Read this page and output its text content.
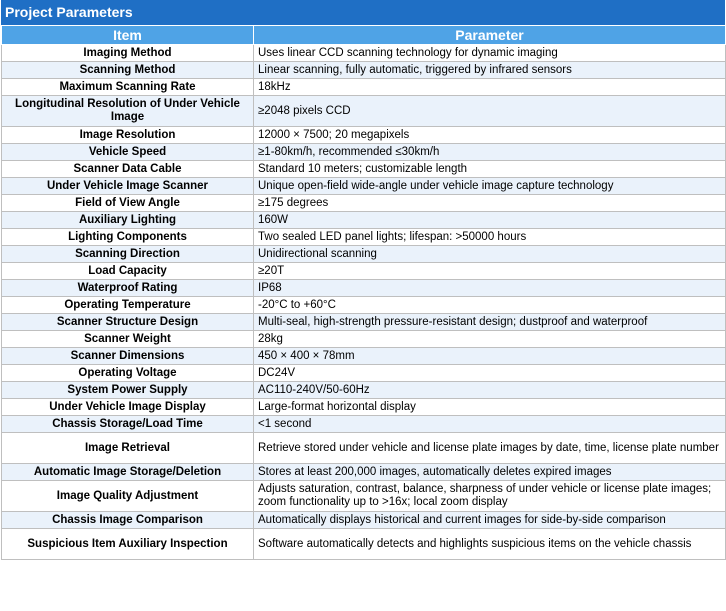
Project Parameters
Item	Parameter
Imaging Method	Uses linear CCD scanning technology for dynamic imaging
Scanning Method	Linear scanning, fully automatic, triggered by infrared sensors
Maximum Scanning Rate	18kHz
Longitudinal Resolution of Under Vehicle Image	≥2048 pixels CCD
Image Resolution	12000 × 7500; 20 megapixels
Vehicle Speed	≥1-80km/h, recommended ≤30km/h
Scanner Data Cable	Standard 10 meters; customizable length
Under Vehicle Image Scanner	Unique open-field wide-angle under vehicle image capture technology
Field of View Angle	≥175 degrees
Auxiliary Lighting	160W
Lighting Components	Two sealed LED panel lights; lifespan: >50000 hours
Scanning Direction	Unidirectional scanning
Load Capacity	≥20T
Waterproof Rating	IP68
Operating Temperature	-20°C to +60°C
Scanner Structure Design	Multi-seal, high-strength pressure-resistant design; dustproof and waterproof
Scanner Weight	28kg
Scanner Dimensions	450 × 400 × 78mm
Operating Voltage	DC24V
System Power Supply	AC110-240V/50-60Hz
Under Vehicle Image Display	Large-format horizontal display
Chassis Storage/Load Time	<1 second
Image Retrieval	Retrieve stored under vehicle and license plate images by date, time, license plate number
Automatic Image Storage/Deletion	Stores at least 200,000 images, automatically deletes expired images
Image Quality Adjustment	Adjusts saturation, contrast, balance, sharpness of under vehicle or license plate images; zoom functionality up to >16x; local zoom display
Chassis Image Comparison	Automatically displays historical and current images for side-by-side comparison
Suspicious Item Auxiliary Inspection	Software automatically detects and highlights suspicious items on the vehicle chassis
